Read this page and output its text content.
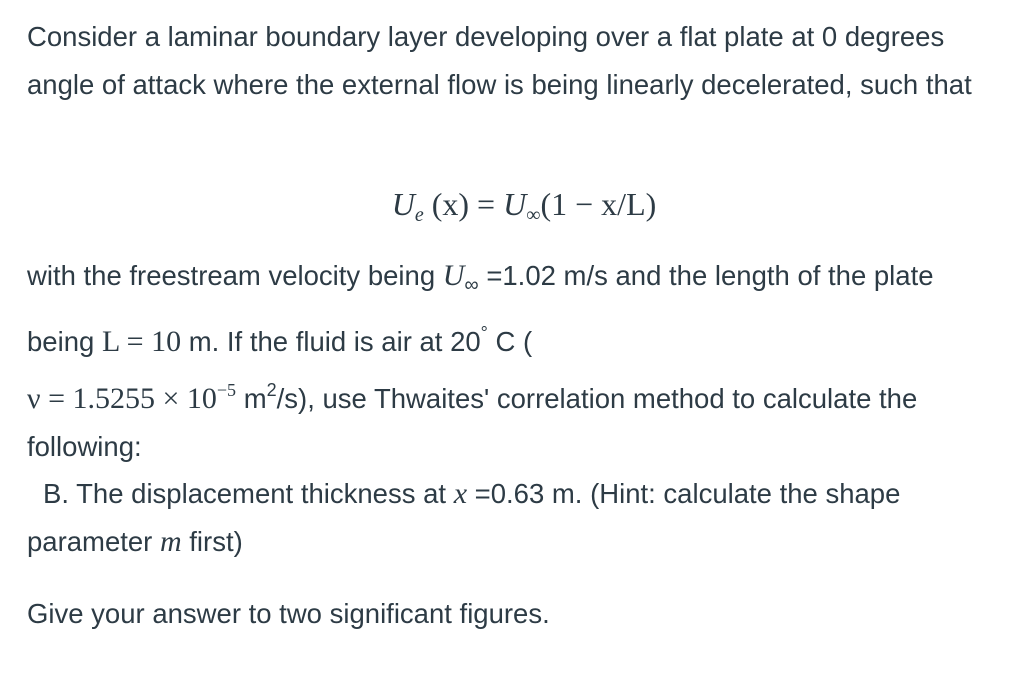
Consider a laminar boundary layer developing over a flat plate at 0 degrees angle of attack where the external flow is being linearly decelerated, such that

$U_e$ $(x) = U_\infty(1 - x/L)$

with the freestream velocity being $U_\infty =1.02$ m/s and the length of the plate being L = 10 m. If the fluid is air at 20° C (
$\nu = 1.5255 \times 10^{-5}$ $m^2/s$), use Thwaites' correlation method to calculate the following:

B. The displacement thickness at x =0.63 m. (Hint: calculate the shape parameter m first)

Give your answer to two significant figures.
